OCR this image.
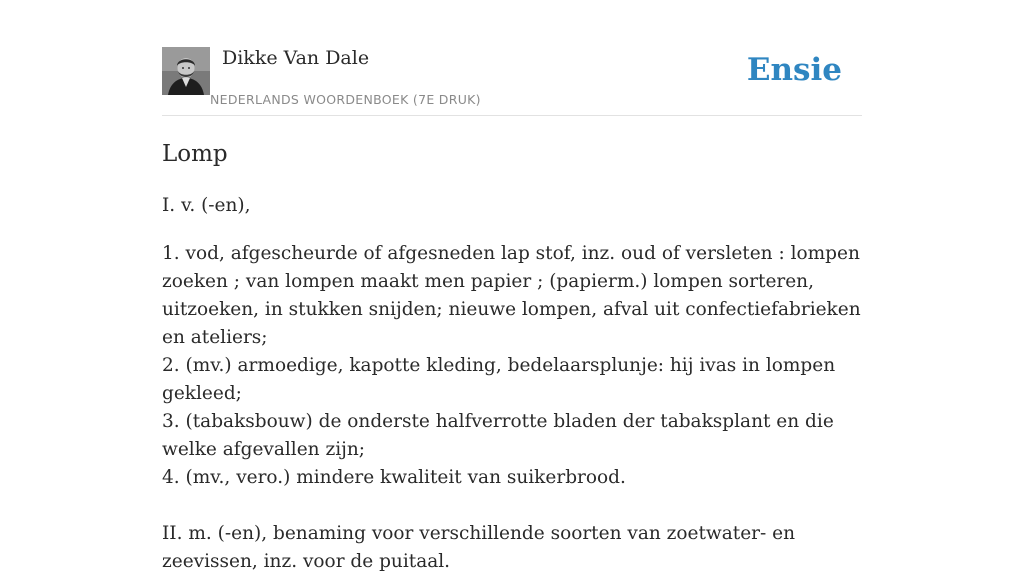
Dikke Van Dale
NEDERLANDS WOORDENBOEK (7E DRUK)
Ensie
Lomp
I. v. (-en),
1. vod, afgescheurde of afgesneden lap stof, inz. oud of versleten : lompen zoeken ; van lompen maakt men papier ; (papierm.) lompen sorteren, uitzoeken, in stukken snijden; nieuwe lompen, afval uit confectiefabrieken en ateliers;
2. (mv.) armoedige, kapotte kleding, bedelaarsplunje: hij ivas in lompen gekleed;
3. (tabaksbouw) de onderste halfverrotte bladen der tabaksplant en die welke afgevallen zijn;
4. (mv., vero.) mindere kwaliteit van suikerbrood.
II. m. (-en), benaming voor verschillende soorten van zoetwater- en zeevissen, inz. voor de puitaal.
